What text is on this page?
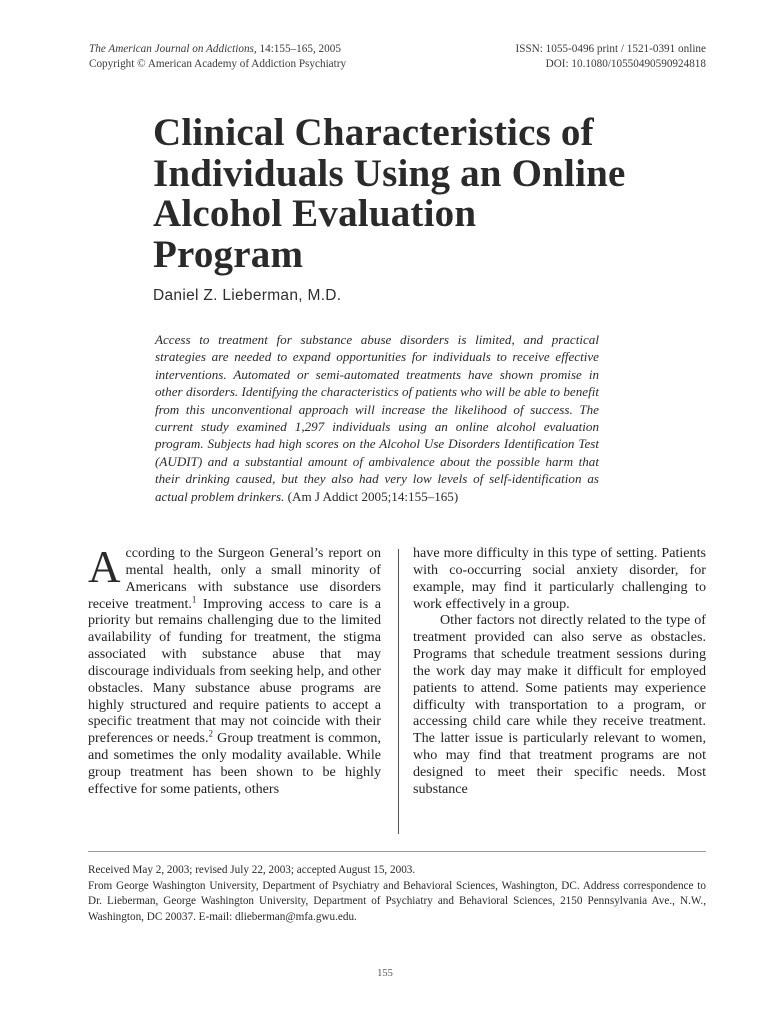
The American Journal on Addictions, 14:155–165, 2005
Copyright © American Academy of Addiction Psychiatry
ISSN: 1055-0496 print / 1521-0391 online
DOI: 10.1080/10550490590924818
Clinical Characteristics of
Individuals Using an Online
Alcohol Evaluation
Program
Daniel Z. Lieberman, M.D.
Access to treatment for substance abuse disorders is limited, and practical strategies are needed to expand opportunities for individuals to receive effective interventions. Automated or semi-automated treatments have shown promise in other disorders. Identifying the characteristics of patients who will be able to benefit from this unconventional approach will increase the likelihood of success. The current study examined 1,297 individuals using an online alcohol evaluation program. Subjects had high scores on the Alcohol Use Disorders Identification Test (AUDIT) and a substantial amount of ambivalence about the possible harm that their drinking caused, but they also had very low levels of self-identification as actual problem drinkers. (Am J Addict 2005;14:155–165)

According to the Surgeon General’s report on mental health, only a small minority of Americans with substance use disorders receive treatment.$^1$ Improving access to care is a priority but remains challenging due to the limited availability of funding for treatment, the stigma associated with substance abuse that may discourage individuals from seeking help, and other obstacles. Many substance abuse programs are highly structured and require patients to accept a specific treatment that may not coincide with their preferences or needs.$^2$ Group treatment is common, and sometimes the only modality available. While group treatment has been shown to be highly effective for some patients, others

have more difficulty in this type of setting. Patients with co-occurring social anxiety disorder, for example, may find it particularly challenging to work effectively in a group.

Other factors not directly related to the type of treatment provided can also serve as obstacles. Programs that schedule treatment sessions during the work day may make it difficult for employed patients to attend. Some patients may experience difficulty with transportation to a program, or accessing child care while they receive treatment. The latter issue is particularly relevant to women, who may find that treatment programs are not designed to meet their specific needs. Most substance

Received May 2, 2003; revised July 22, 2003; accepted August 15, 2003.

From George Washington University, Department of Psychiatry and Behavioral Sciences, Washington, DC. Address correspondence to Dr. Lieberman, George Washington University, Department of Psychiatry and Behavioral Sciences, 2150 Pennsylvania Ave., N.W., Washington, DC 20037. E-mail: dlieberman@mfa.gwu.edu.

155
